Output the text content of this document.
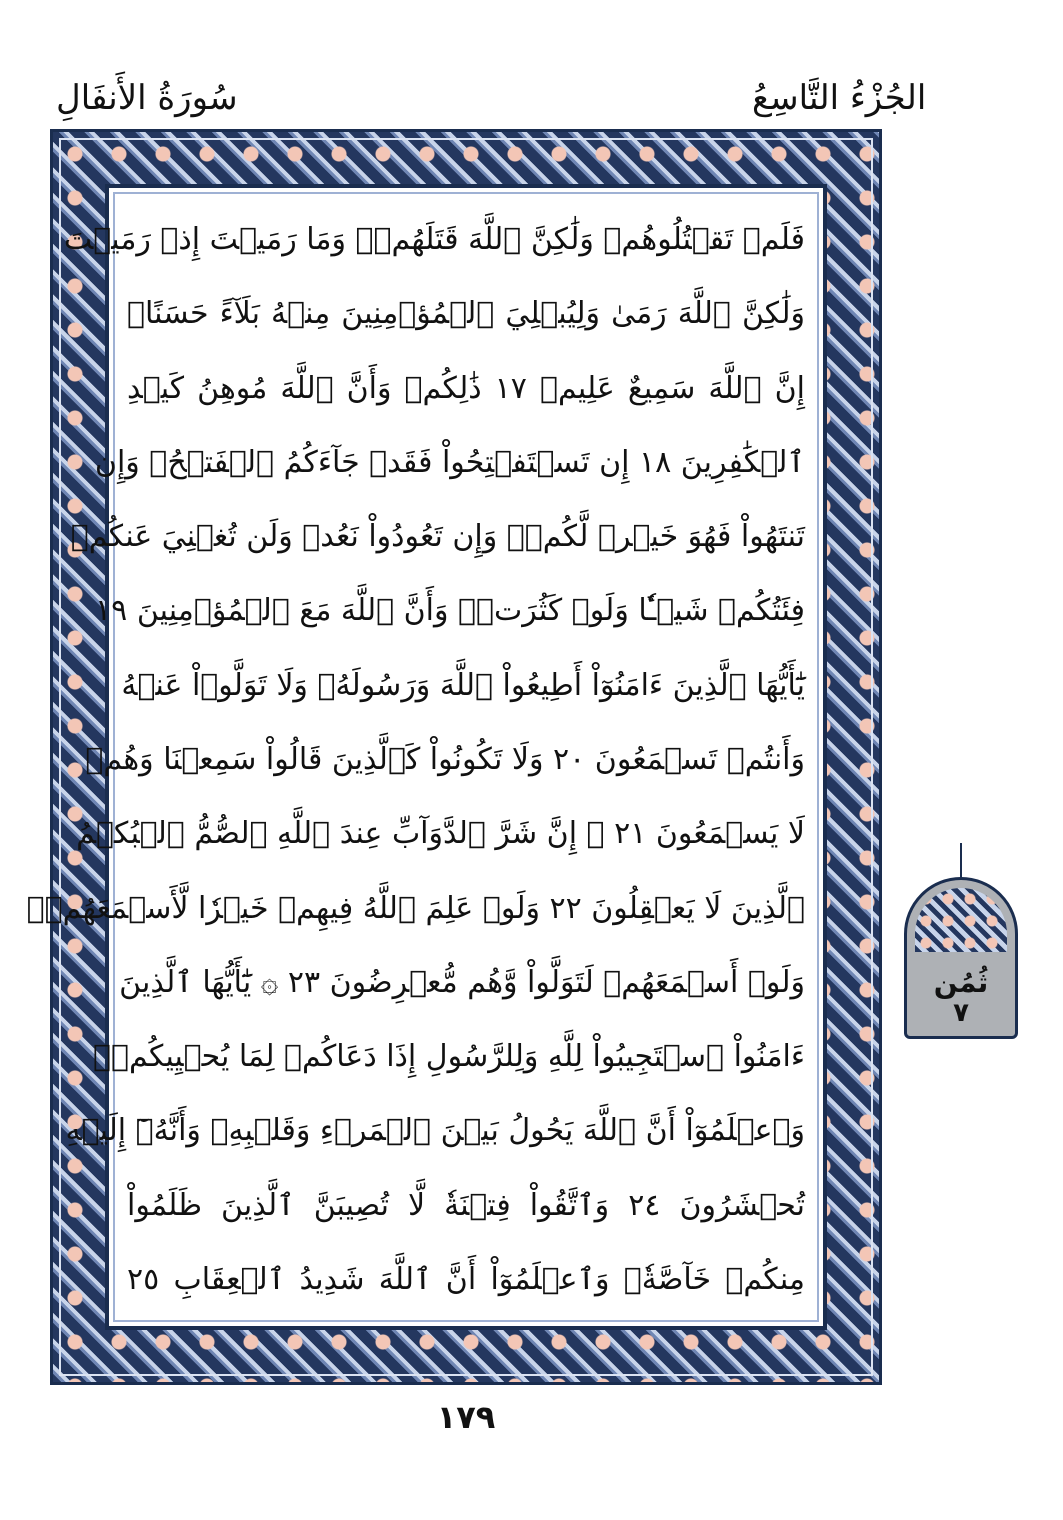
الجُزْءُ التَّاسِعُ
سُورَةُ الأَنفَالِ
فَلَمۡ تَقۡتُلُوهُمۡ وَلَٰكِنَّ ٱللَّهَ قَتَلَهُمۡۚ وَمَا رَمَيۡتَ إِذۡ رَمَيۡتَ
وَلَٰكِنَّ ٱللَّهَ رَمَىٰ وَلِيُبۡلِيَ ٱلۡمُؤۡمِنِينَ مِنۡهُ بَلَآءً حَسَنًاۚ
إِنَّ ٱللَّهَ سَمِيعٌ عَلِيمٞ ١٧ ذَٰلِكُمۡ وَأَنَّ ٱللَّهَ مُوهِنُ كَيۡدِ
ٱلۡكَٰفِرِينَ ١٨ إِن تَسۡتَفۡتِحُواْ فَقَدۡ جَآءَكُمُ ٱلۡفَتۡحُۖ وَإِن
تَنتَهُواْ فَهُوَ خَيۡرٞ لَّكُمۡۖ وَإِن تَعُودُواْ نَعُدۡ وَلَن تُغۡنِيَ عَنكُمۡ
فِئَتُكُمۡ شَيۡـٔٗا وَلَوۡ كَثُرَتۡۚ وَأَنَّ ٱللَّهَ مَعَ ٱلۡمُؤۡمِنِينَ ١٩
يَٰٓأَيُّهَا ٱلَّذِينَ ءَامَنُوٓاْ أَطِيعُواْ ٱللَّهَ وَرَسُولَهُۥ وَلَا تَوَلَّوۡاْ عَنۡهُ
وَأَنتُمۡ تَسۡمَعُونَ ٢٠ وَلَا تَكُونُواْ كَٱلَّذِينَ قَالُواْ سَمِعۡنَا وَهُمۡ
لَا يَسۡمَعُونَ ٢١ ۞ إِنَّ شَرَّ ٱلدَّوَآبِّ عِندَ ٱللَّهِ ٱلصُّمُّ ٱلۡبُكۡمُ
ٱلَّذِينَ لَا يَعۡقِلُونَ ٢٢ وَلَوۡ عَلِمَ ٱللَّهُ فِيهِمۡ خَيۡرٗا لَّأَسۡمَعَهُمۡۖ
وَلَوۡ أَسۡمَعَهُمۡ لَتَوَلَّواْ وَّهُم مُّعۡرِضُونَ ٢٣ ۞ يَٰٓأَيُّهَا ٱلَّذِينَ
ءَامَنُواْ ٱسۡتَجِيبُواْ لِلَّهِ وَلِلرَّسُولِ إِذَا دَعَاكُمۡ لِمَا يُحۡيِيكُمۡۖ
وَٱعۡلَمُوٓاْ أَنَّ ٱللَّهَ يَحُولُ بَيۡنَ ٱلۡمَرۡءِ وَقَلۡبِهِۦ وَأَنَّهُۥٓ إِلَيۡهِ
تُحۡشَرُونَ ٢٤ وَٱتَّقُواْ فِتۡنَةٗ لَّا تُصِيبَنَّ ٱلَّذِينَ ظَلَمُواْ
مِنكُمۡ خَآصَّةٗۖ وَٱعۡلَمُوٓاْ أَنَّ ٱللَّهَ شَدِيدُ ٱلۡعِقَابِ ٢٥
ثُمُن
٧
١٧٩
